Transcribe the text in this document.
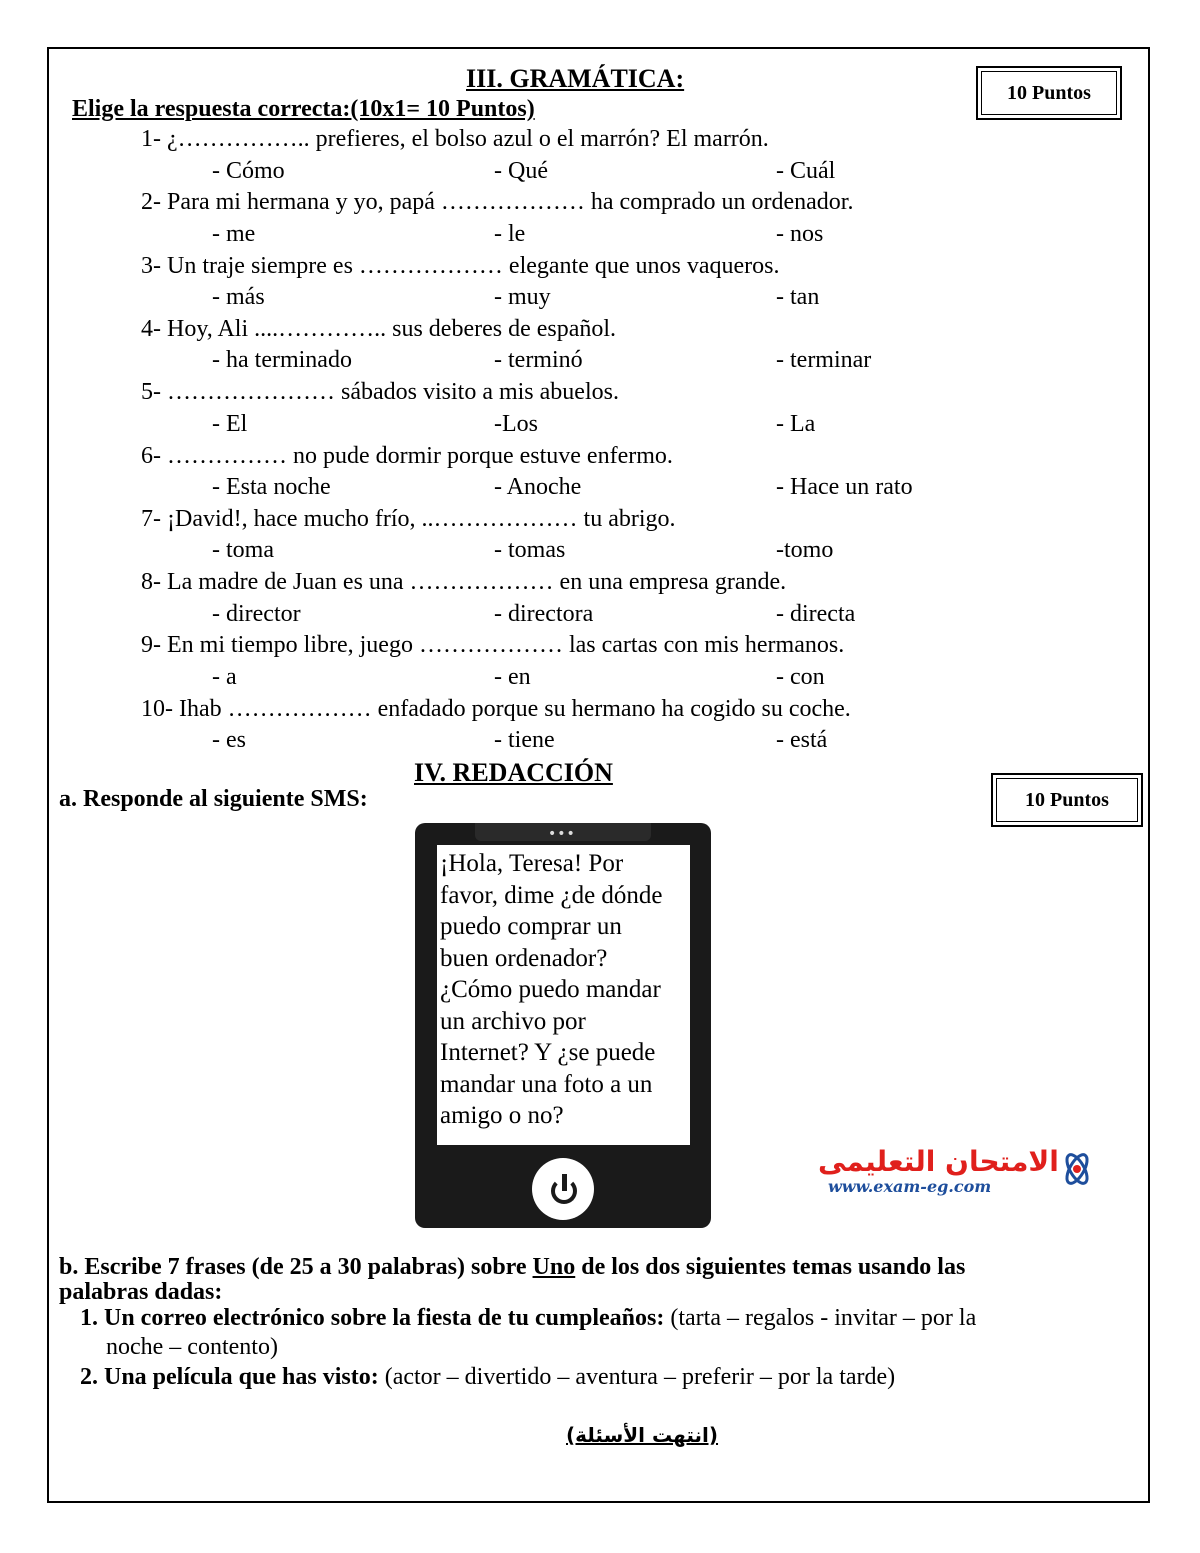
III. GRAMÁTICA:	10 Puntos
Elige la respuesta correcta:(10x1= 10 Puntos)
1- ¿…………….. prefieres, el bolso azul o el marrón? El marrón.
- Cómo	- Qué	- Cuál
2- Para mi hermana y yo, papá ……………… ha comprado un ordenador.
- me	- le	- nos
3- Un traje siempre es ……………… elegante que unos vaqueros.
- más	- muy	- tan
4- Hoy, Ali ....………….. sus deberes de español.
- ha terminado	- terminó	- terminar
5- ………………… sábados visito a mis abuelos.
- El	-Los	- La
6- …………… no pude dormir porque estuve enfermo.
- Esta noche	- Anoche	- Hace un rato
7- ¡David!, hace mucho frío, ..……………… tu abrigo.
- toma	- tomas	-tomo
8- La madre de Juan es una ……………… en una empresa grande.
- director	- directora	- directa
9- En mi tiempo libre, juego ……………… las cartas con mis hermanos.
- a	- en	- con
10- Ihab ……………… enfadado porque su hermano ha cogido su coche.
- es	- tiene	- está
IV. REDACCIÓN
10 Puntos
a. Responde al siguiente SMS:
•••
¡Hola, Teresa! Por
favor, dime ¿de dónde
puedo comprar un
buen ordenador?
¿Cómo puedo mandar
un archivo por
Internet? Y ¿se puede
mandar una foto a un
amigo o no?
الامتحان التعليمى
www.exam-eg.com
b. Escribe 7 frases (de 25 a 30 palabras) sobre Uno de los dos siguientes temas usando las
palabras dadas:
1. Un correo electrónico sobre la fiesta de tu cumpleaños: (tarta – regalos - invitar – por la
noche – contento)
2. Una película que has visto: (actor – divertido – aventura – preferir – por la tarde)
(انتهت الأسئلة)
